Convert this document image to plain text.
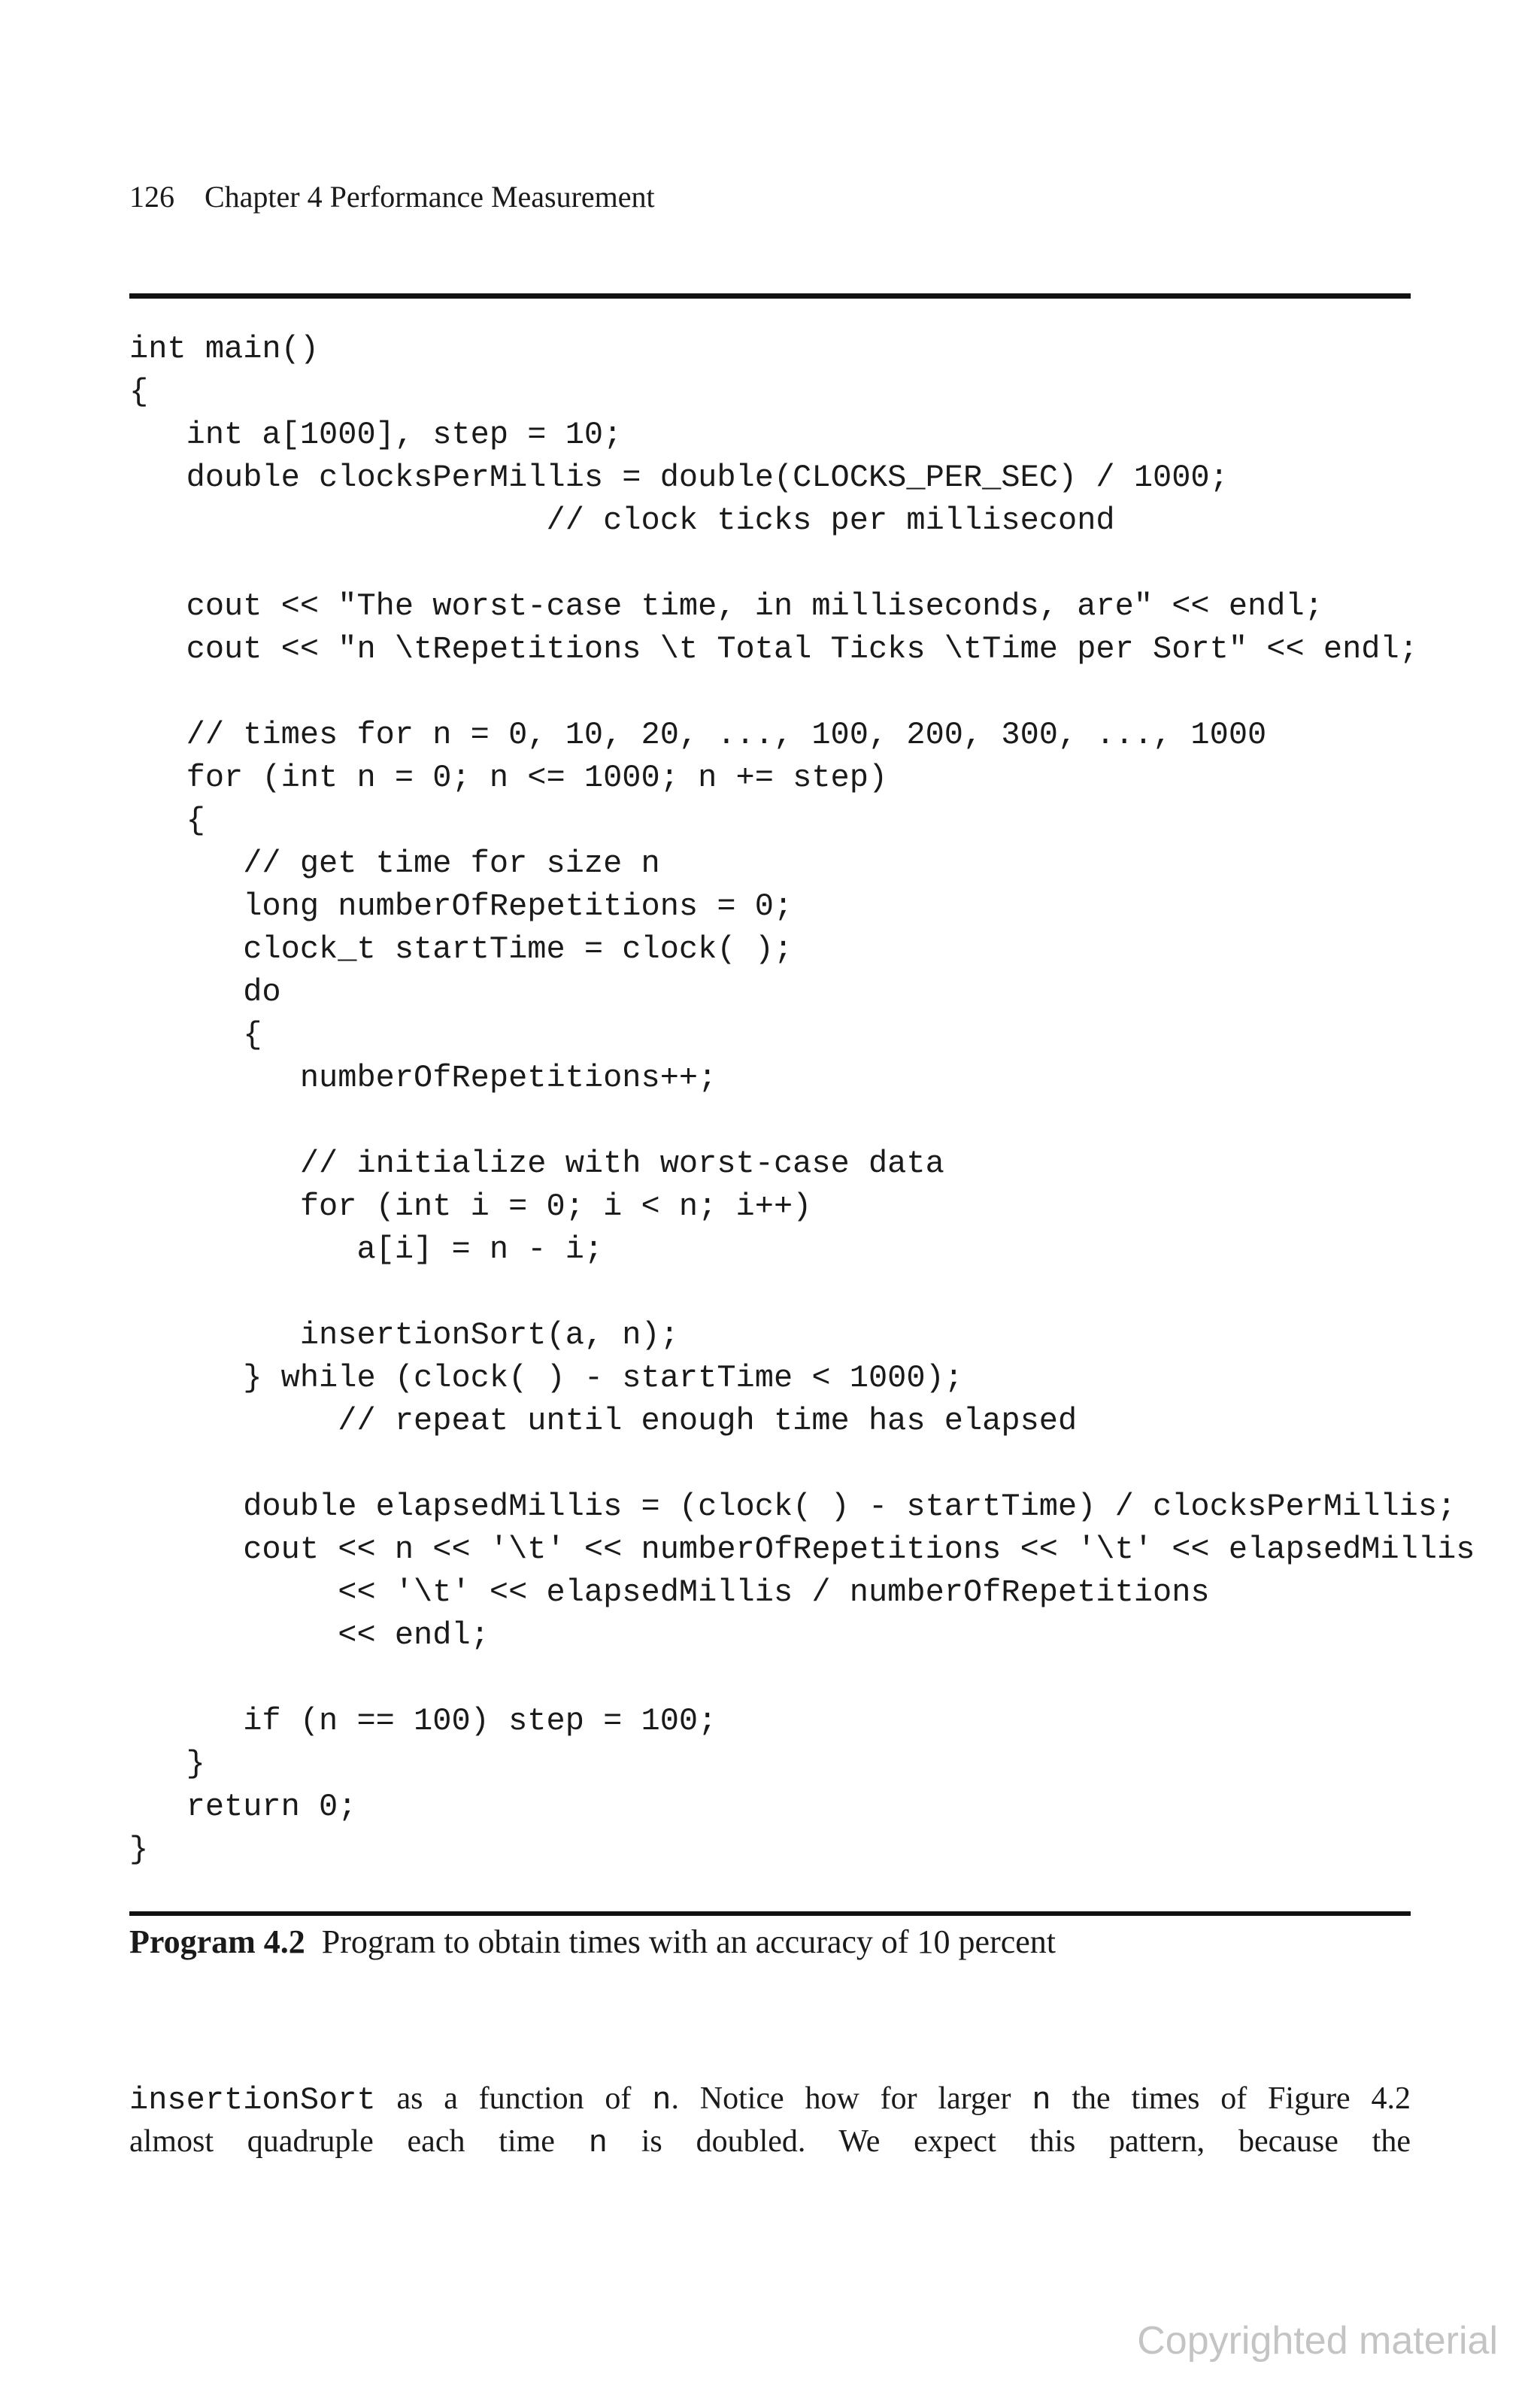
126 Chapter 4 Performance Measurement
int main()
{
int a[1000], step = 10;
double clocksPerMillis = double(CLOCKS_PER_SEC) / 1000;
// clock ticks per millisecond
cout << "The worst-case time, in milliseconds, are" << endl;
cout << "n \tRepetitions \t Total Ticks \tTime per Sort" << endl;
// times for n = 0, 10, 20, ..., 100, 200, 300, ..., 1000
for (int n = 0; n <= 1000; n += step)
{
// get time for size n
long numberOfRepetitions = 0;
clock_t startTime = clock( );
do
{
numberOfRepetitions++;
// initialize with worst-case data
for (int i = 0; i < n; i++)
a[i] = n - i;
insertionSort(a, n);
} while (clock( ) - startTime < 1000);
// repeat until enough time has elapsed
double elapsedMillis = (clock( ) - startTime) / clocksPerMillis;
cout << n << '\t' << numberOfRepetitions << '\t' << elapsedMillis
<< '\t' << elapsedMillis / numberOfRepetitions
<< endl;
if (n == 100) step = 100;
}
return 0;
}
Program 4.2 Program to obtain times with an accuracy of 10 percent
insertionSort as a function of n. Notice how for larger n the times of Figure 4.2
almost quadruple each time n is doubled. We expect this pattern, because the
Copyrighted material
